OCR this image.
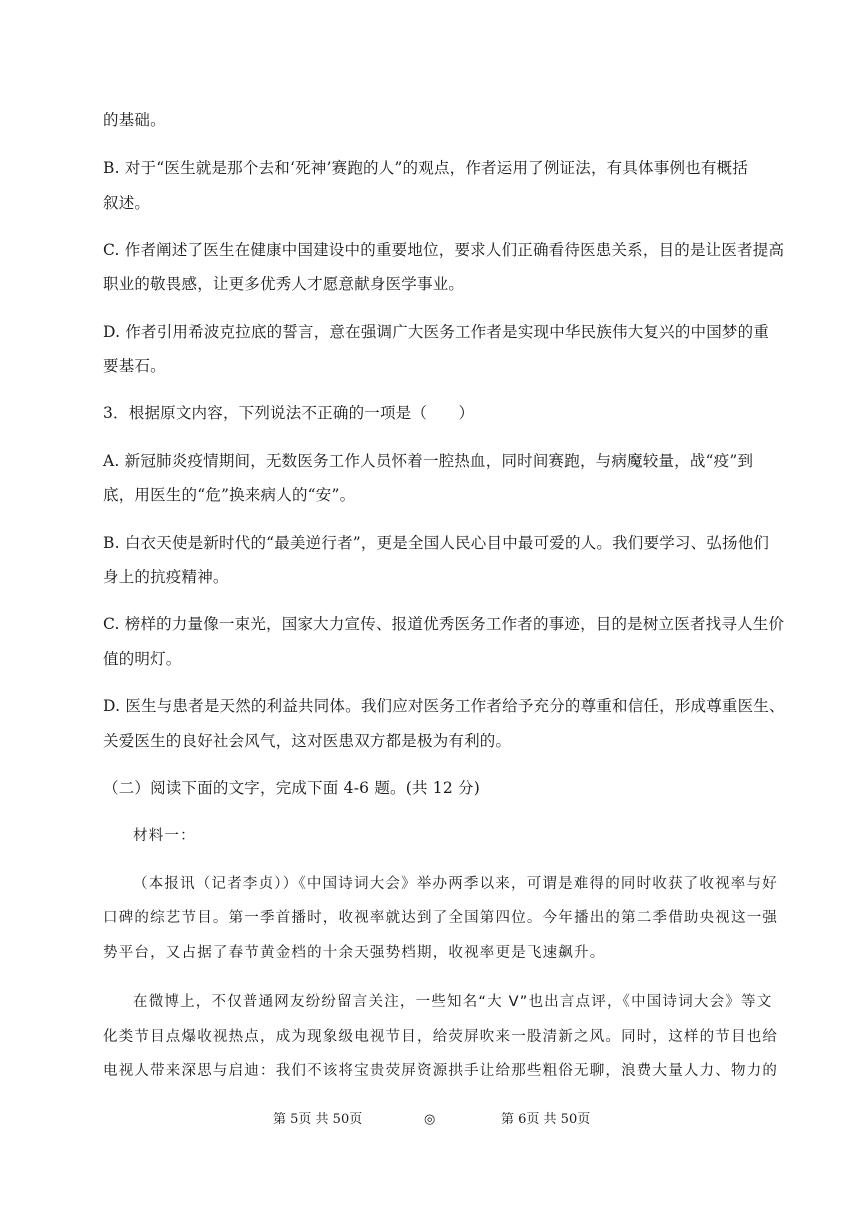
的基础。
B. 对于“医生就是那个去和‘死神’赛跑的人”的观点，作者运用了例证法，有具体事例也有概括
叙述。
C. 作者阐述了医生在健康中国建设中的重要地位，要求人们正确看待医患关系，目的是让医者提高
职业的敬畏感，让更多优秀人才愿意献身医学事业。
D. 作者引用希波克拉底的誓言，意在强调广大医务工作者是实现中华民族伟大复兴的中国梦的重
要基石。
3．根据原文内容，下列说法不正确的一项是（　　）
A. 新冠肺炎疫情期间，无数医务工作人员怀着一腔热血，同时间赛跑，与病魔较量，战“疫”到
底，用医生的“危”换来病人的“安”。
B. 白衣天使是新时代的“最美逆行者”，更是全国人民心目中最可爱的人。我们要学习、弘扬他们
身上的抗疫精神。
C. 榜样的力量像一束光，国家大力宣传、报道优秀医务工作者的事迹，目的是树立医者找寻人生价
值的明灯。
D. 医生与患者是天然的利益共同体。我们应对医务工作者给予充分的尊重和信任，形成尊重医生、
关爱医生的良好社会风气，这对医患双方都是极为有利的。
（二）阅读下面的文字，完成下面 4-6 题。(共 12 分)
材料一：
（本报讯（记者李贞））《中国诗词大会》举办两季以来，可谓是难得的同时收获了收视率与好
口碑的综艺节目。第一季首播时，收视率就达到了全国第四位。今年播出的第二季借助央视这一强
势平台，又占据了春节黄金档的十余天强势档期，收视率更是飞速飙升。
在微博上，不仅普通网友纷纷留言关注，一些知名“大 V”也出言点评，《中国诗词大会》等文
化类节目点爆收视热点，成为现象级电视节目，给荧屏吹来一股清新之风。同时，这样的节目也给
电视人带来深思与启迪：我们不该将宝贵荧屏资源拱手让给那些粗俗无聊，浪费大量人力、物力的
第 5页 共 50页	◎	第 6页 共 50页
